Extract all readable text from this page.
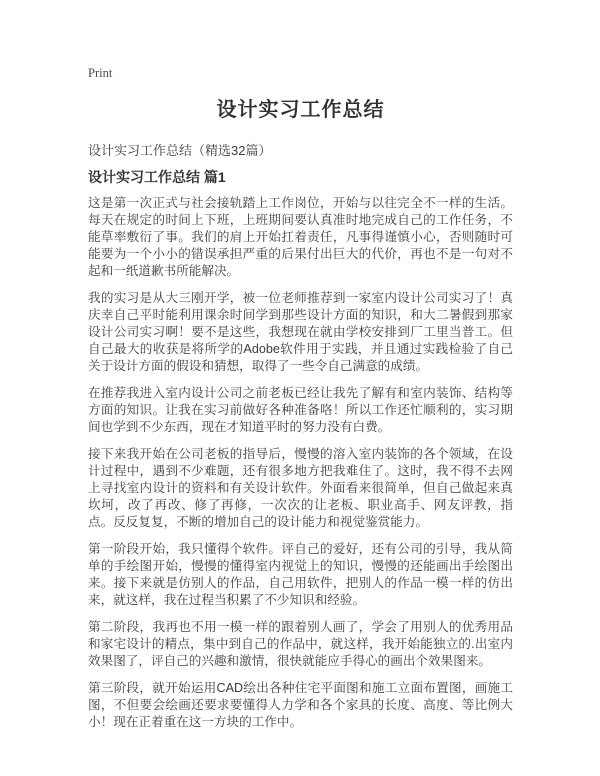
Print
设计实习工作总结

设计实习工作总结（精选32篇）

设计实习工作总结 篇1

这是第一次正式与社会接轨踏上工作岗位，开始与以往完全不一样的生活。每天在规定的时间上下班，上班期间要认真准时地完成自己的工作任务，不能草率敷衍了事。我们的肩上开始扛着责任，凡事得谨慎小心，否则随时可能要为一个小小的错误承担严重的后果付出巨大的代价，再也不是一句对不起和一纸道歉书所能解决。

我的实习是从大三刚开学，被一位老师推荐到一家室内设计公司实习了！真庆幸自己平时能利用课余时间学到那些设计方面的知识，和大二暑假到那家设计公司实习啊！要不是这些，我想现在就由学校安排到厂工里当普工。但自己最大的收获是将所学的Adobe软件用于实践，并且通过实践检验了自己关于设计方面的假设和猜想，取得了一些令自己满意的成绩。

在推荐我进入室内设计公司之前老板已经让我先了解有和室内装饰、结构等方面的知识。让我在实习前做好各种准备咯！所以工作还忙顺利的，实习期间也学到不少东西，现在才知道平时的努力没有白费。

接下来我开始在公司老板的指导后，慢慢的溶入室内装饰的各个领域，在设计过程中，遇到不少难题，还有很多地方把我难住了。这时，我不得不去网上寻找室内设计的资料和有关设计软件。外面看来很简单，但自己做起来真坎坷，改了再改、修了再修，一次次的让老板、职业高手、网友评教，指点。反反复复，不断的增加自己的设计能力和视觉鉴赏能力。

第一阶段开始，我只懂得个软件。评自己的爱好，还有公司的引导，我从简单的手绘图开始，慢慢的懂得室内视觉上的知识，慢慢的还能画出手绘图出来。接下来就是仿别人的作品，自己用软件，把别人的作品一模一样的仿出来，就这样，我在过程当积累了不少知识和经验。

第二阶段，我再也不用一模一样的跟着别人画了，学会了用别人的优秀用品和家宅设计的精点，集中到自己的作品中，就这样，我开始能独立的.出室内效果图了，评自己的兴趣和激情，很快就能应手得心的画出个效果图来。

第三阶段，就开始运用CAD绘出各种住宅平面图和施工立面布置图，画施工图，不但要会绘画还要求要懂得人力学和各个家具的长度、高度、等比例大小！现在正着重在这一方块的工作中。
